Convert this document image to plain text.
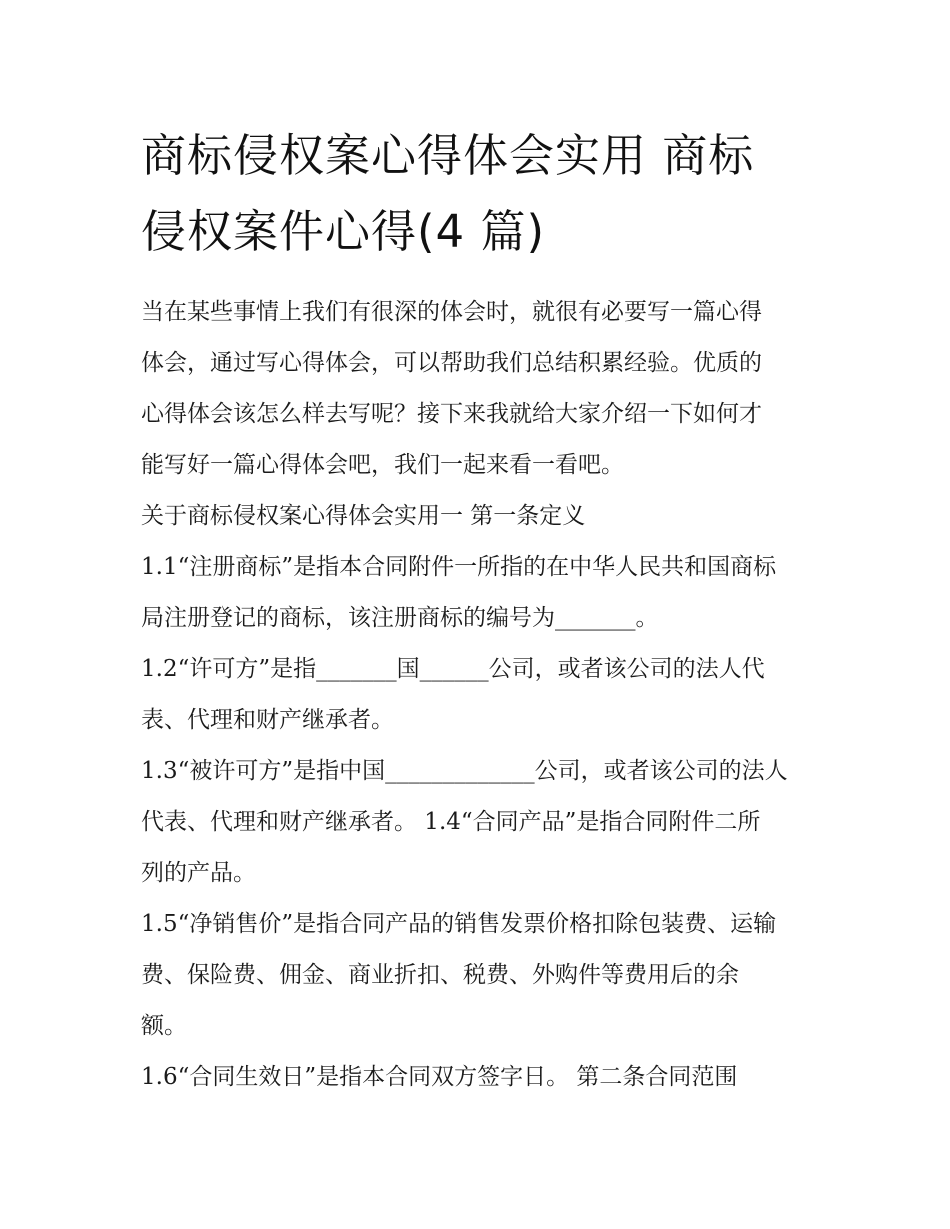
商标侵权案心得体会实用 商标
侵权案件心得(4 篇)
当在某些事情上我们有很深的体会时，就很有必要写一篇心得
体会，通过写心得体会，可以帮助我们总结积累经验。优质的
心得体会该怎么样去写呢？接下来我就给大家介绍一下如何才
能写好一篇心得体会吧，我们一起来看一看吧。
关于商标侵权案心得体会实用一 第一条定义
1.1“注册商标”是指本合同附件一所指的在中华人民共和国商标
局注册登记的商标，该注册商标的编号为_______。
1.2“许可方”是指_______国______公司，或者该公司的法人代
表、代理和财产继承者。
1.3“被许可方”是指中国_____________公司，或者该公司的法人
代表、代理和财产继承者。 1.4“合同产品”是指合同附件二所
列的产品。
1.5“净销售价”是指合同产品的销售发票价格扣除包装费、运输
费、保险费、佣金、商业折扣、税费、外购件等费用后的余
额。
1.6“合同生效日”是指本合同双方签字日。 第二条合同范围
